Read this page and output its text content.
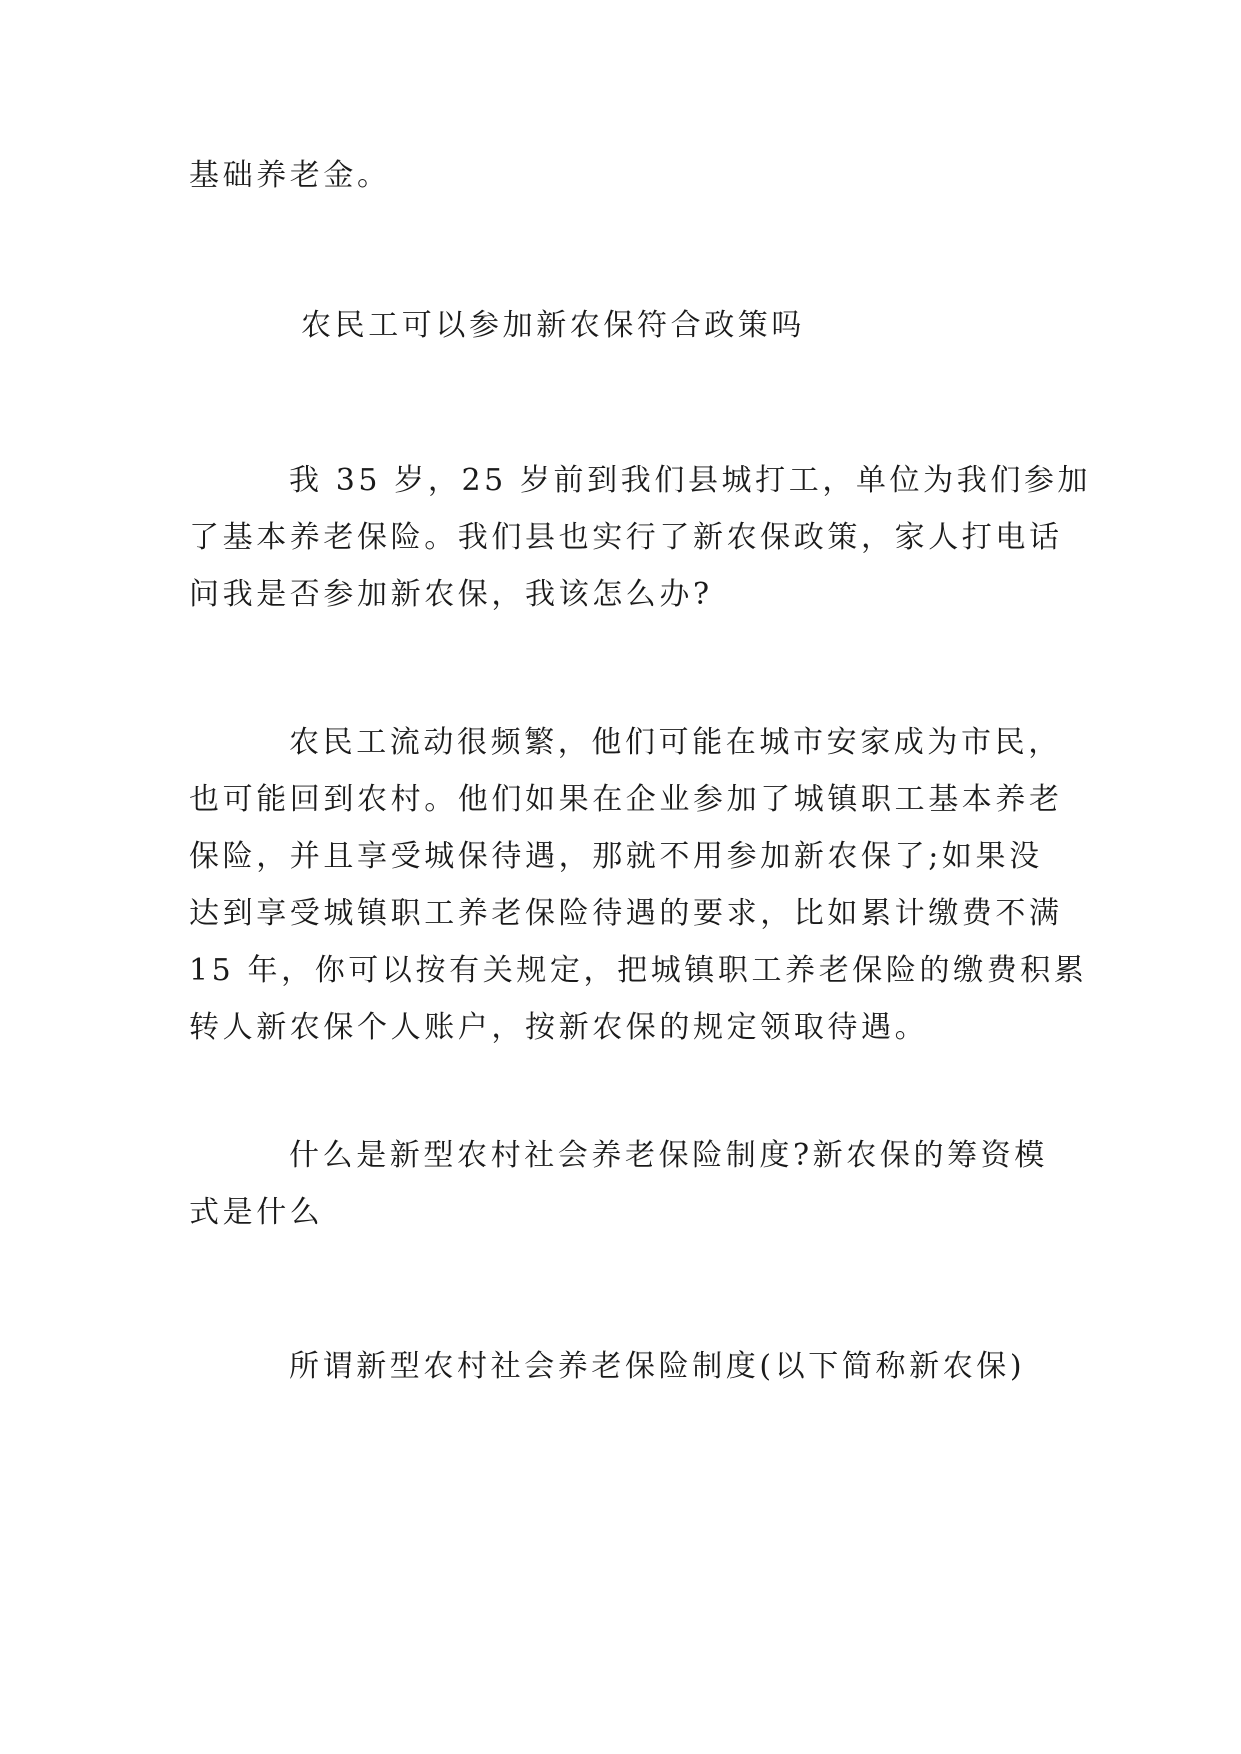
基础养老金。

农民工可以参加新农保符合政策吗

我 35 岁，25 岁前到我们县城打工，单位为我们参加
了基本养老保险。我们县也实行了新农保政策，家人打电话
问我是否参加新农保，我该怎么办?

农民工流动很频繁，他们可能在城市安家成为市民，
也可能回到农村。他们如果在企业参加了城镇职工基本养老
保险，并且享受城保待遇，那就不用参加新农保了;如果没
达到享受城镇职工养老保险待遇的要求，比如累计缴费不满
15 年，你可以按有关规定，把城镇职工养老保险的缴费积累
转人新农保个人账户，按新农保的规定领取待遇。

什么是新型农村社会养老保险制度?新农保的筹资模
式是什么

所谓新型农村社会养老保险制度(以下简称新农保)
